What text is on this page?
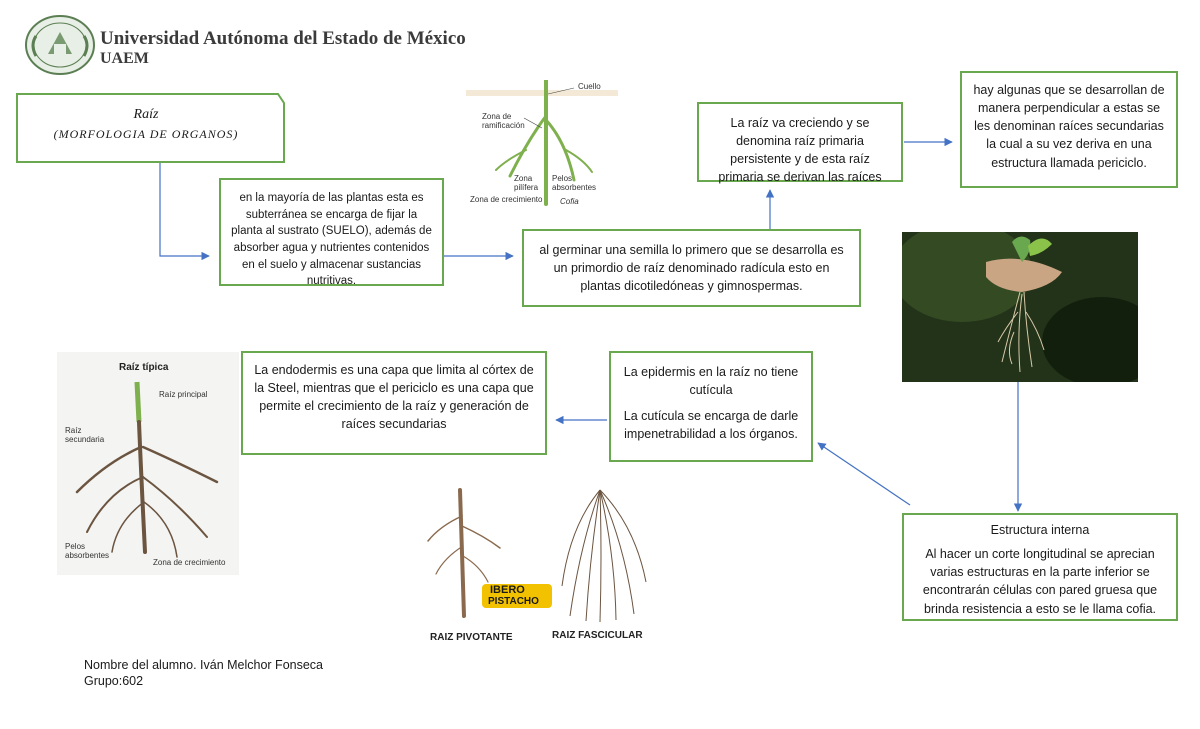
Universidad Autónoma del Estado de México
UAEM
Raíz
(MORFOLOGIA DE ORGANOS)

en la mayoría de las plantas esta es subterránea se encarga de fijar la planta al sustrato (SUELO), además de absorber agua y nutrientes contenidos en el suelo y almacenar sustancias nutritivas.

al germinar una semilla lo primero que se desarrolla es un primordio de raíz denominado radícula esto en plantas dicotiledóneas y gimnospermas.

La raíz va creciendo y se denomina raíz primaria persistente y de esta raíz primaria se derivan las raíces

hay algunas que se desarrollan de manera perpendicular a estas se les denominan raíces secundarias la cual a su vez deriva en una estructura llamada periciclo.

Estructura interna

Al hacer un corte longitudinal se aprecian varias estructuras en la parte inferior se encontrarán células con pared gruesa que brinda resistencia a esto se le llama cofia.

La epidermis en la raíz no tiene cutícula

La cutícula se encarga de darle impenetrabilidad a los órganos.

La endodermis es una capa que limita al córtex de la Steel, mientras que el periciclo es una capa que permite el crecimiento de la raíz y generación de raíces secundarias

Cuello
Zona de ramificación
Zona pilífera
Pelos absorbentes
Zona de crecimiento Cofia
Raíz típica
Raíz principal
Raíz secundaria
Pelos absorbentes
Zona de crecimiento
IBERO
PISTACHO
RAIZ PIVOTANTE	RAIZ FASCICULAR
Nombre del alumno. Iván Melchor Fonseca
Grupo:602
